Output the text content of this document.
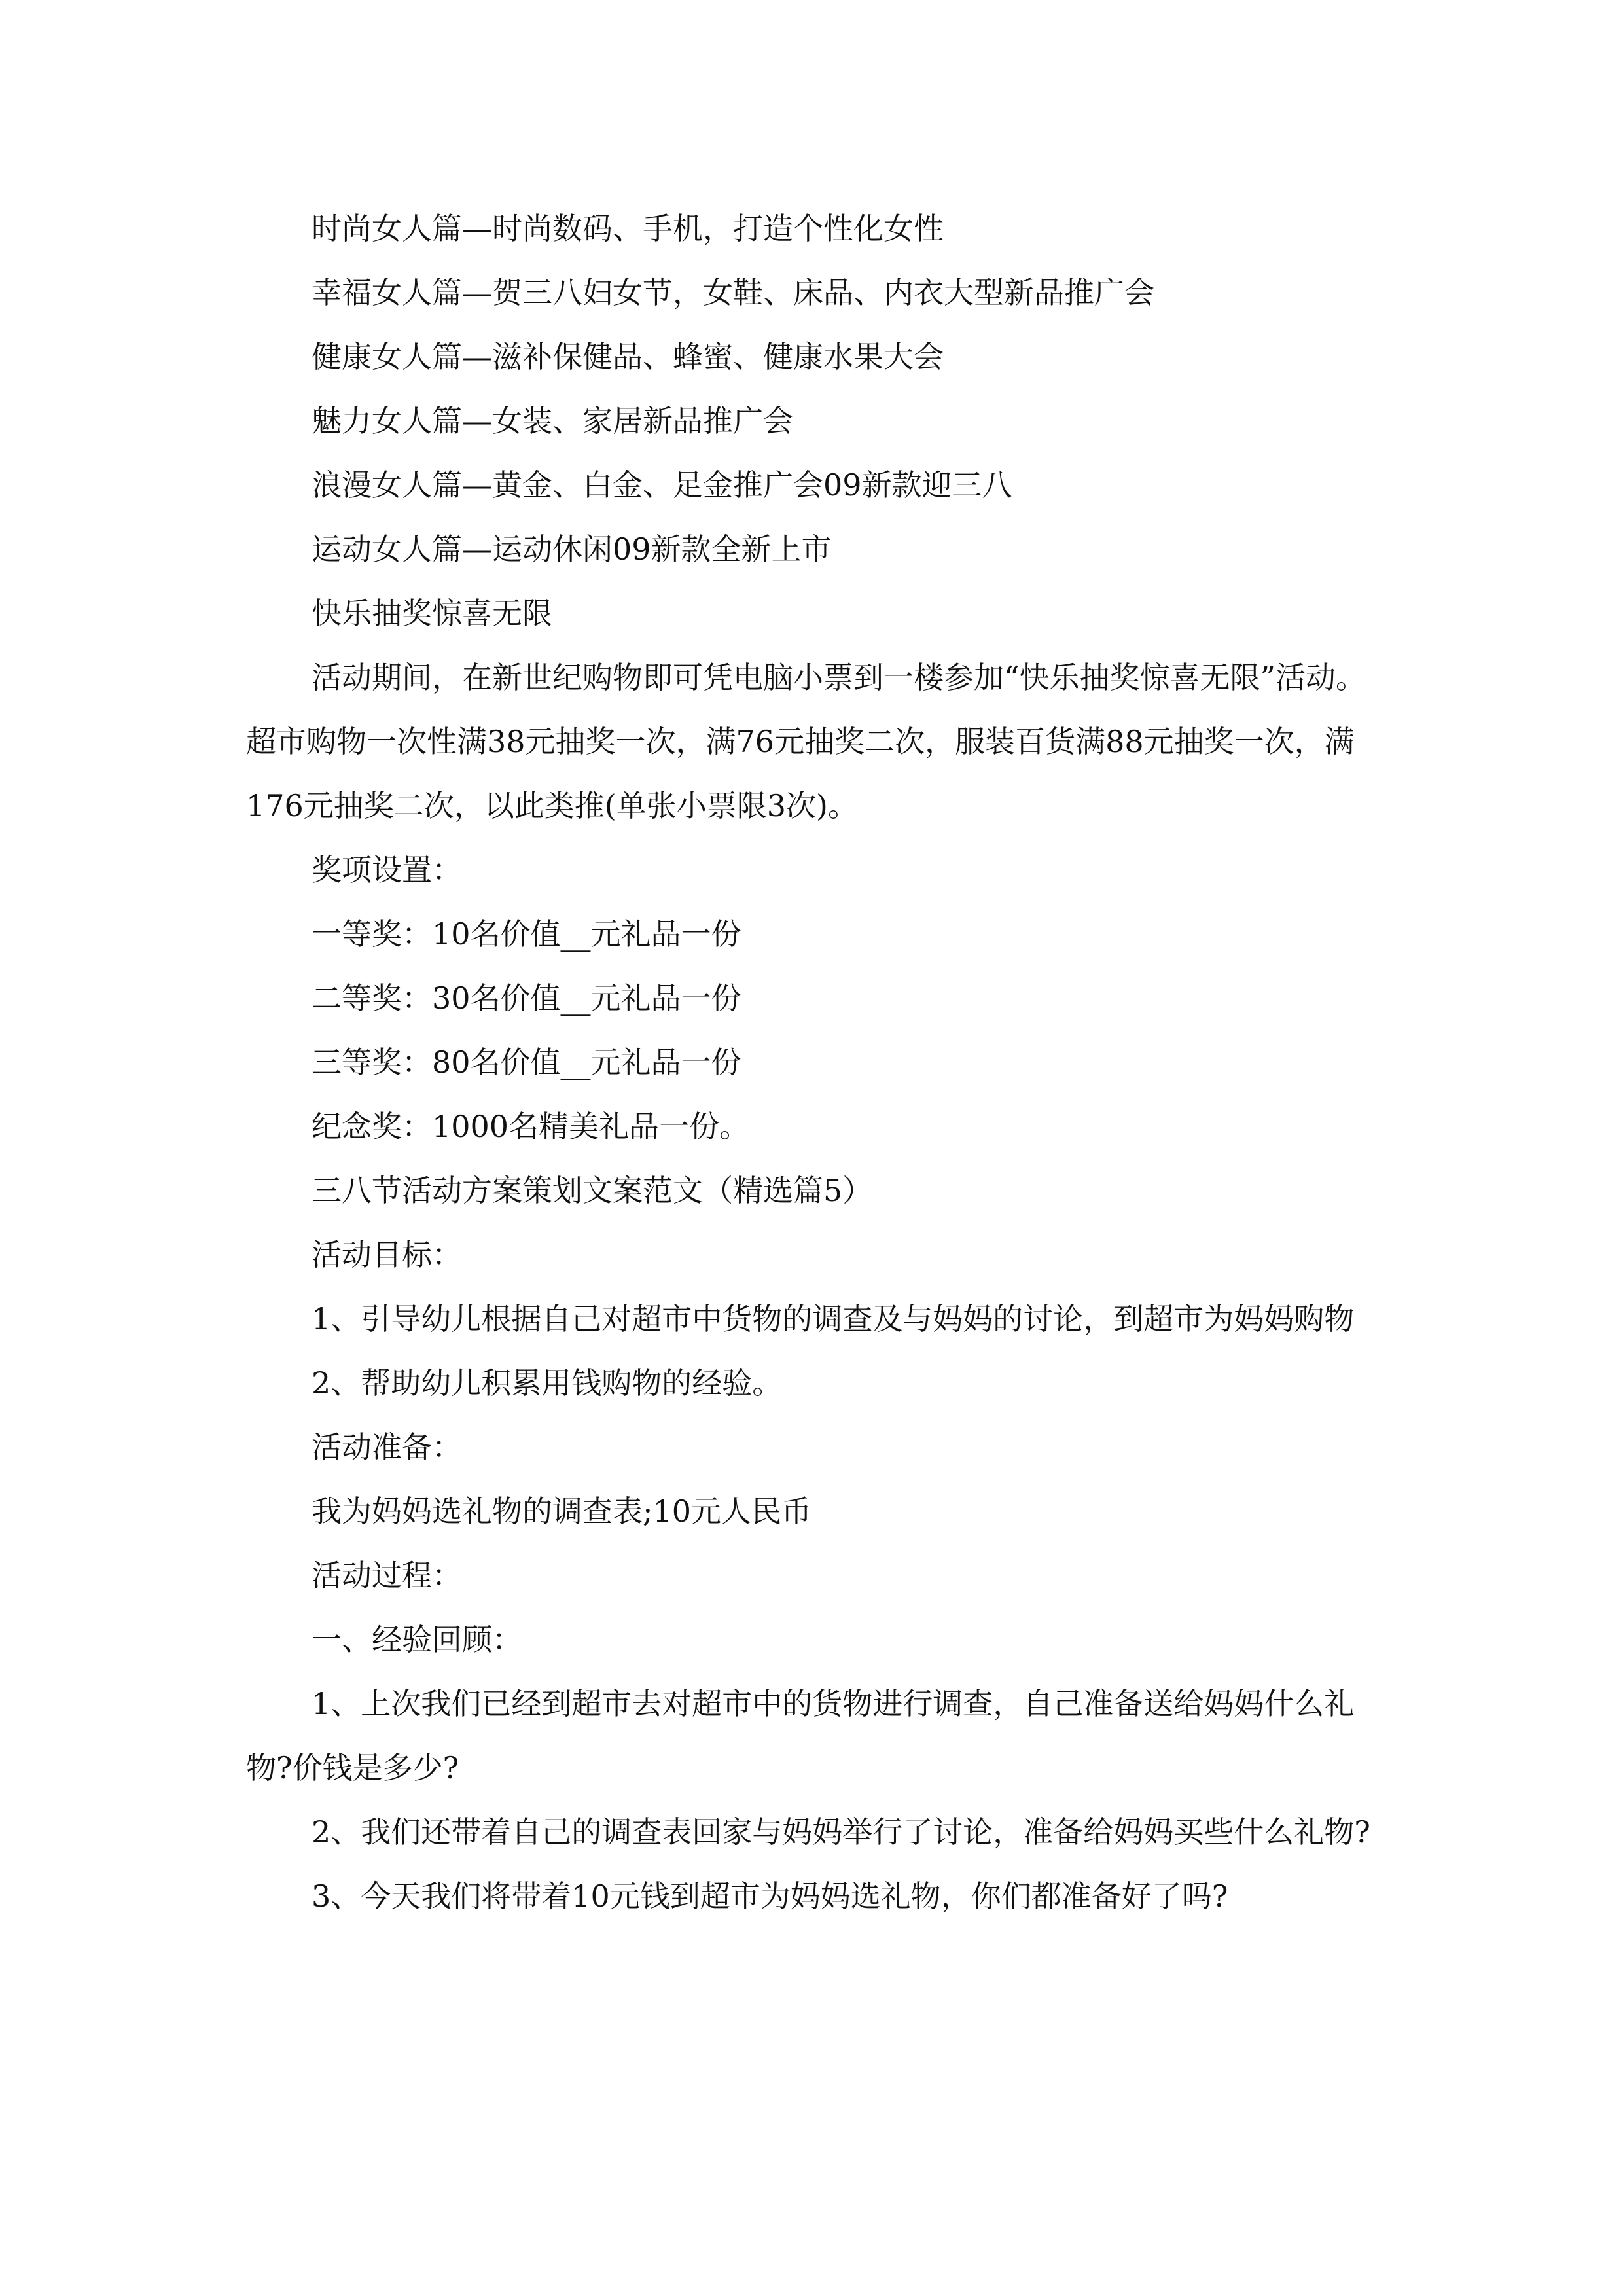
时尚女人篇—时尚数码、手机，打造个性化女性

幸福女人篇—贺三八妇女节，女鞋、床品、内衣大型新品推广会

健康女人篇—滋补保健品、蜂蜜、健康水果大会

魅力女人篇—女装、家居新品推广会

浪漫女人篇—黄金、白金、足金推广会09新款迎三八

运动女人篇—运动休闲09新款全新上市

快乐抽奖惊喜无限

活动期间，在新世纪购物即可凭电脑小票到一楼参加“快乐抽奖惊喜无限”活动。超市购物一次性满38元抽奖一次，满76元抽奖二次，服装百货满88元抽奖一次，满176元抽奖二次，以此类推(单张小票限3次)。

奖项设置：

一等奖：10名价值__元礼品一份

二等奖：30名价值__元礼品一份

三等奖：80名价值__元礼品一份

纪念奖：1000名精美礼品一份。

三八节活动方案策划文案范文（精选篇5）

活动目标：

1、引导幼儿根据自己对超市中货物的调查及与妈妈的讨论，到超市为妈妈购物

2、帮助幼儿积累用钱购物的经验。

活动准备：

我为妈妈选礼物的调查表;10元人民币

活动过程：

一、经验回顾：

1、上次我们已经到超市去对超市中的货物进行调查，自己准备送给妈妈什么礼物?价钱是多少?

2、我们还带着自己的调查表回家与妈妈举行了讨论，准备给妈妈买些什么礼物?

3、今天我们将带着10元钱到超市为妈妈选礼物，你们都准备好了吗?
